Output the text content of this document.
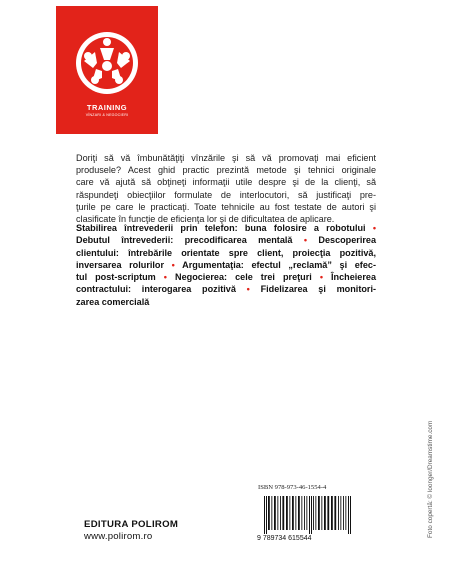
TRAINING
VÎNZARI & NEGOCIERI
Doriţi să vă îmbunătăţiţi vînzările şi să vă promovaţi mai eficient
produsele? Acest ghid practic prezintă metode şi tehnici originale
care vă ajută să obţineţi informaţii utile despre şi de la clienţi, să
răspundeţi obiecţiilor formulate de interlocutori, să justificaţi pre-
ţurile pe care le practicaţi. Toate tehnicile au fost testate de autori şi
clasificate în funcţie de eficienţa lor şi de dificultatea de aplicare.
Stabilirea întrevederii prin telefon: buna folosire a robotului •
Debutul întrevederii: precodificarea mentală • Descoperirea
clientului: întrebările orientate spre client, proiecţia pozitivă,
inversarea rolurilor • Argumentaţia: efectul „reclamă” şi efec-
tul post-scriptum • Negocierea: cele trei preţuri • Încheierea
contractului: interogarea pozitivă • Fidelizarea şi monitori-
zarea comercială
Foto copertă: © loonger/Dreamstime.com
ISBN 978-973-46-1554-4
9 789734 615544
EDITURA POLIROM
www.polirom.ro
